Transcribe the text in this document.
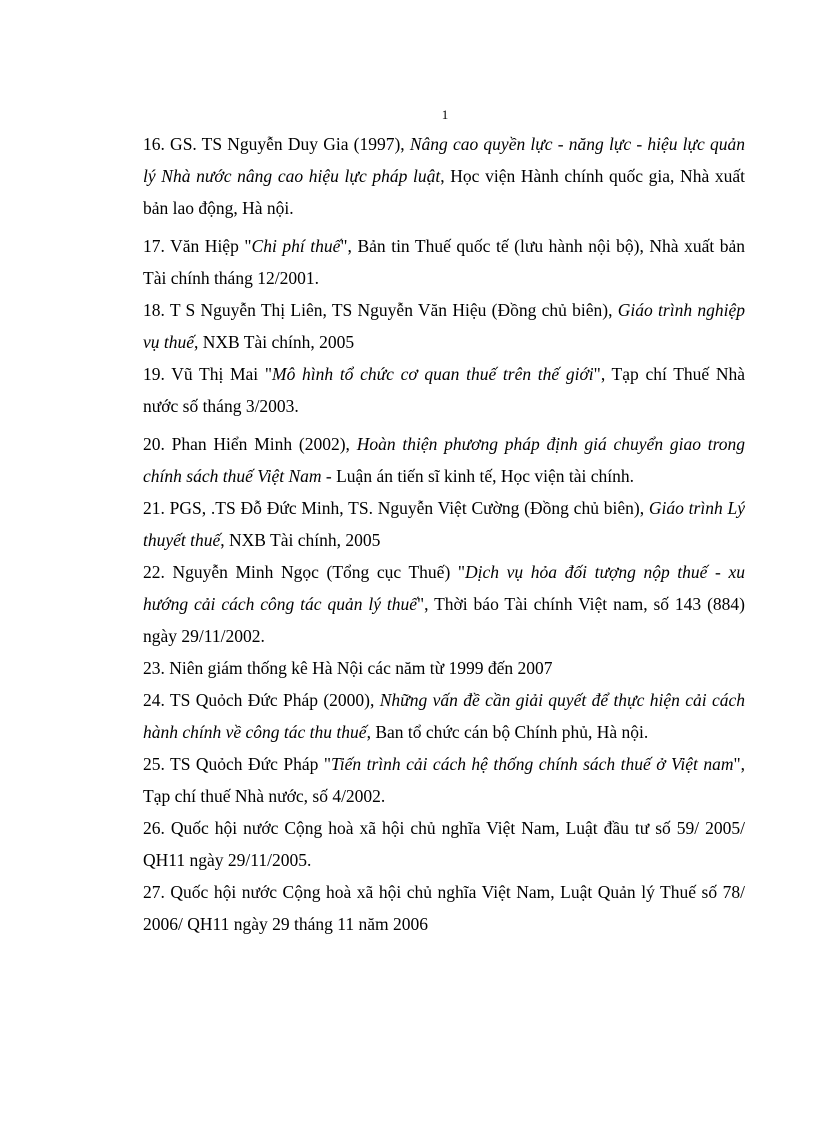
1

16. GS. TS Nguyễn Duy Gia (1997), Nâng cao quyền lực - năng lực - hiệu lực quản lý Nhà nước nâng cao hiệu lực pháp luật, Học viện Hành chính quốc gia, Nhà xuất bản lao động, Hà nội.

17. Văn Hiệp "Chi phí thuế", Bản tin Thuế quốc tế (lưu hành nội bộ), Nhà xuất bản Tài chính tháng 12/2001.

18. T S Nguyễn Thị Liên, TS Nguyễn Văn Hiệu (Đồng chủ biên), Giáo trình nghiệp vụ thuế, NXB Tài chính, 2005

19. Vũ Thị Mai "Mô hình tổ chức cơ quan thuế trên thế giới", Tạp chí Thuế Nhà nước số tháng 3/2003.

20. Phan Hiển Minh (2002), Hoàn thiện phương pháp định giá chuyển giao trong chính sách thuế Việt Nam - Luận án tiến sĩ kinh tế, Học viện tài chính.

21. PGS, .TS Đỗ Đức Minh, TS. Nguyễn Việt Cường (Đồng chủ biên), Giáo trình Lý thuyết thuế, NXB Tài chính, 2005

22. Nguyễn Minh Ngọc (Tổng cục Thuế) "Dịch vụ hỏa đối tượng nộp thuế - xu hướng cải cách công tác quản lý thuế", Thời báo Tài chính Việt nam, số 143 (884) ngày 29/11/2002.

23. Niên giám thống kê Hà Nội các năm từ 1999 đến 2007

24. TS Quỏch Đức Pháp (2000), Những vấn đề cần giải quyết để thực hiện cải cách hành chính về công tác thu thuế, Ban tổ chức cán bộ Chính phủ, Hà nội.

25. TS Quỏch Đức Pháp "Tiến trình cải cách hệ thống chính sách thuế ở Việt nam", Tạp chí thuế Nhà nước, số 4/2002.

26. Quốc hội nước Cộng hoà xã hội chủ nghĩa Việt Nam, Luật đầu tư số 59/ 2005/ QH11 ngày 29/11/2005.

27. Quốc hội nước Cộng hoà xã hội chủ nghĩa Việt Nam, Luật Quản lý Thuế số 78/ 2006/ QH11 ngày 29 tháng 11 năm 2006
